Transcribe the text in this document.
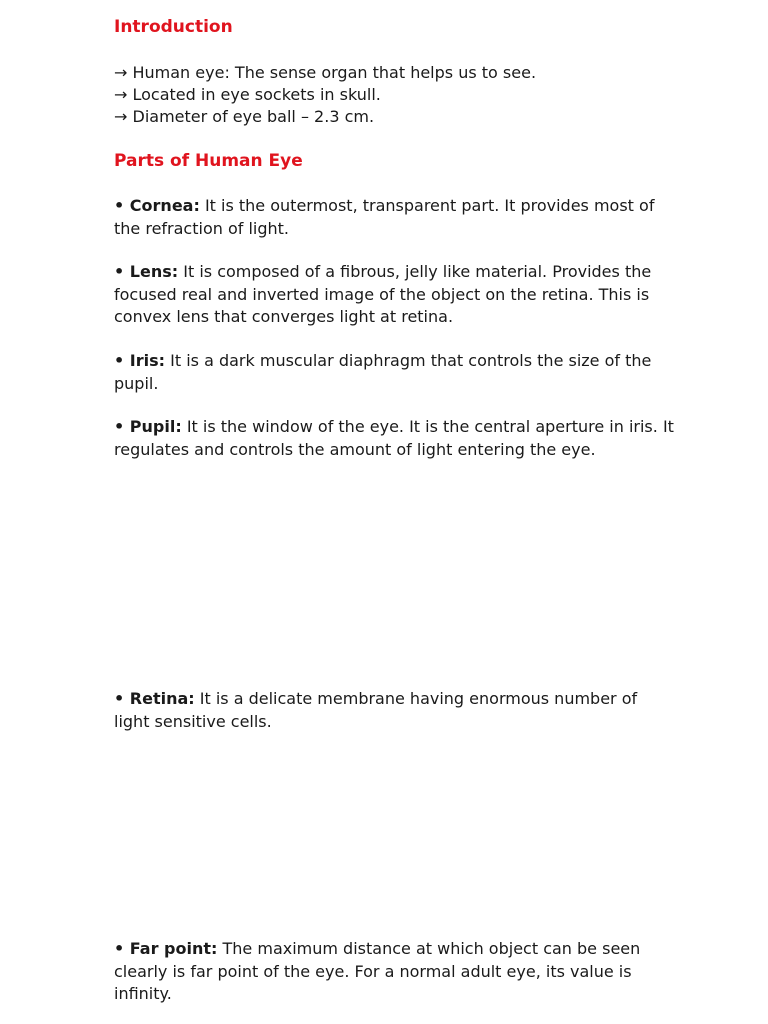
Introduction
→ Human eye: The sense organ that helps us to see.
→ Located in eye sockets in skull.
→ Diameter of eye ball – 2.3 cm.
Parts of Human Eye

• Cornea: It is the outermost, transparent part. It provides most of the refraction of light.

• Lens: It is composed of a fibrous, jelly like material. Provides the focused real and inverted image of the object on the retina. This is convex lens that converges light at retina.

• Iris: It is a dark muscular diaphragm that controls the size of the pupil.

• Pupil: It is the window of the eye. It is the central aperture in iris. It regulates and controls the amount of light entering the eye.

• Retina: It is a delicate membrane having enormous number of light sensitive cells.

• Far point: The maximum distance at which object can be seen clearly is far point of the eye. For a normal adult eye, its value is infinity.
